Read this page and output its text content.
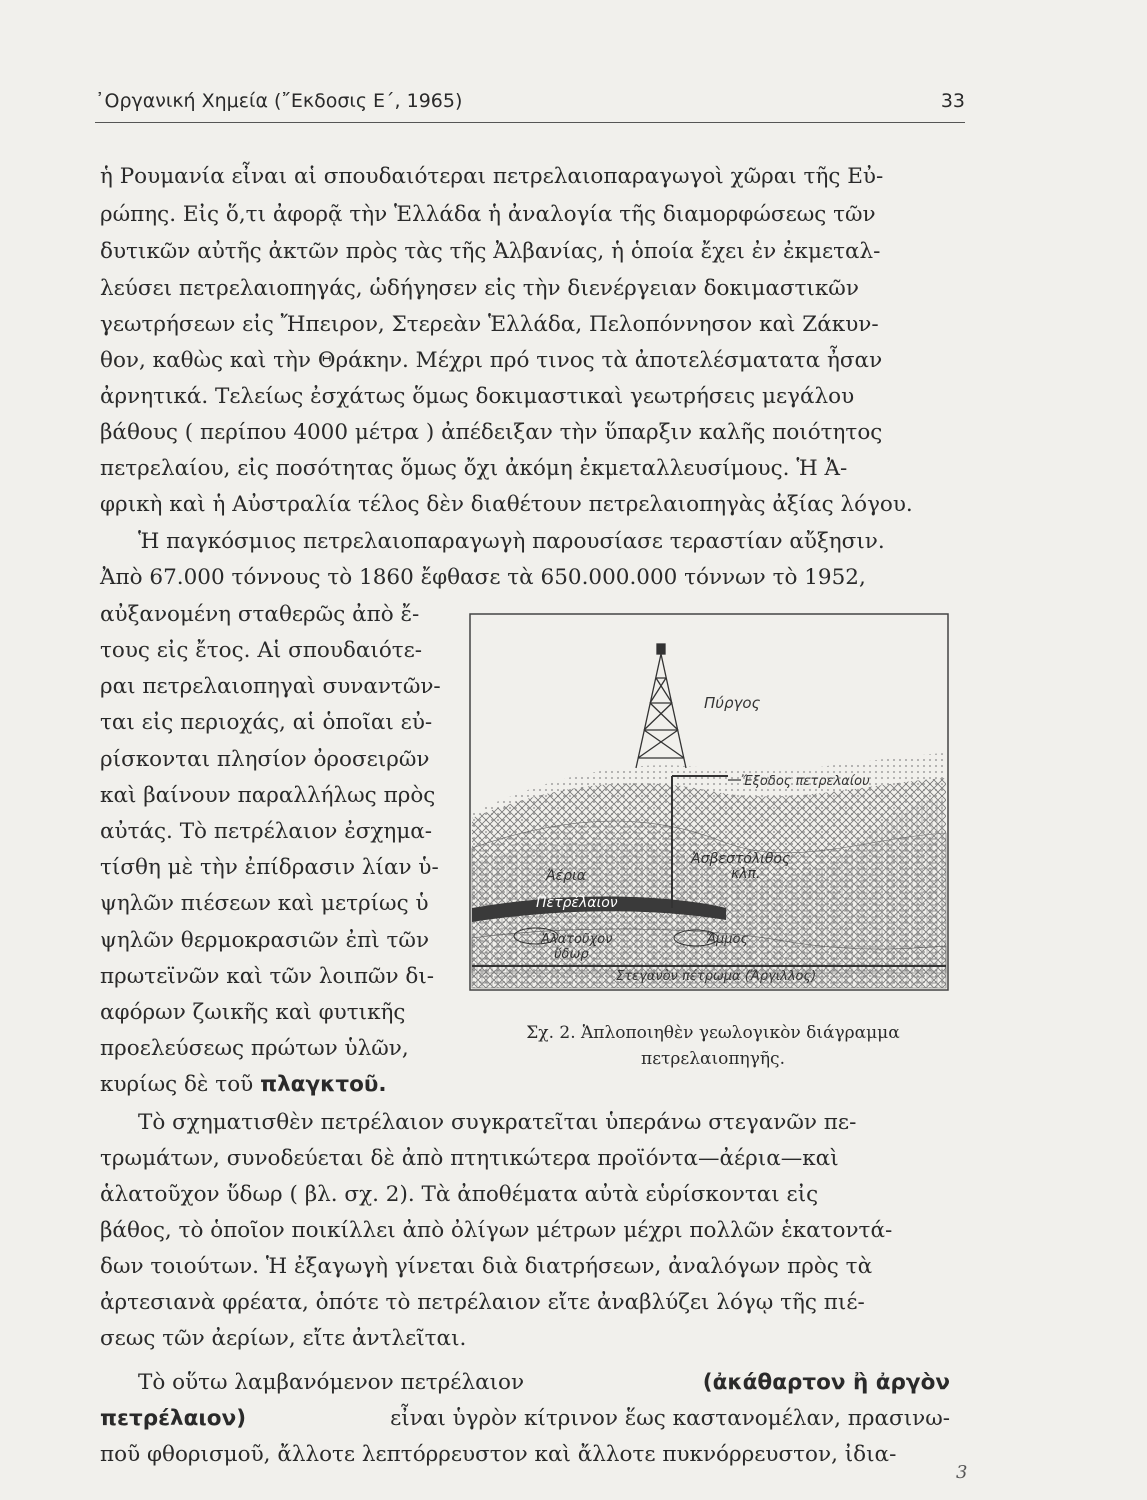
᾿Οργανική Χημεία (῎Εκδοσις Ε΄, 1965)	33
ἡ Ρουμανία εἶναι αἱ σπουδαιότεραι πετρελαιοπαραγωγοὶ χῶραι τῆς Εὐ-
ρώπης. Εἰς ὅ,τι ἀφορᾷ τὴν Ἑλλάδα ἡ ἀναλογία τῆς διαμορφώσεως τῶν
δυτικῶν αὐτῆς ἀκτῶν πρὸς τὰς τῆς Ἀλβανίας, ἡ ὁποία ἔχει ἐν ἐκμεταλ-
λεύσει πετρελαιοπηγάς, ὡδήγησεν εἰς τὴν διενέργειαν δοκιμαστικῶν
γεωτρήσεων εἰς Ἤπειρον, Στερεὰν Ἑλλάδα, Πελοπόννησον καὶ Ζάκυν-
θον, καθὼς καὶ τὴν Θράκην. Μέχρι πρό τινος τὰ ἀποτελέσματατα ἦσαν
ἀρνητικά. Τελείως ἐσχάτως ὅμως δοκιμαστικαὶ γεωτρήσεις μεγάλου
βάθους ( περίπου 4000 μέτρα ) ἀπέδειξαν τὴν ὕπαρξιν καλῆς ποιότητος
πετρελαίου, εἰς ποσότητας ὅμως ὄχι ἀκόμη ἐκμεταλλευσίμους. Ἡ Ἀ-
φρικὴ καὶ ἡ Αὐστραλία τέλος δὲν διαθέτουν πετρελαιοπηγὰς ἀξίας λόγου.
Ἡ παγκόσμιος πετρελαιοπαραγωγὴ παρουσίασε τεραστίαν αὔξησιν.
Ἀπὸ 67.000 τόννους τὸ 1860 ἔφθασε τὰ 650.000.000 τόννων τὸ 1952,
αὐξανομένη σταθερῶς ἀπὸ ἔ-
τους εἰς ἔτος. Αἱ σπουδαιότε-
ραι πετρελαιοπηγαὶ συναντῶν-
ται εἰς περιοχάς, αἱ ὁποῖαι εὐ-
ρίσκονται πλησίον ὀροσειρῶν
καὶ βαίνουν παραλλήλως πρὸς
αὐτάς. Τὸ πετρέλαιον ἐσχημα-
τίσθη μὲ τὴν ἐπίδρασιν λίαν ὑ-
ψηλῶν πιέσεων καὶ μετρίως ὑ
ψηλῶν θερμοκρασιῶν ἐπὶ τῶν
πρωτεϊνῶν καὶ τῶν λοιπῶν δι-
αφόρων ζωικῆς καὶ φυτικῆς
προελεύσεως πρώτων ὑλῶν,
κυρίως δὲ τοῦ
πλαγκτοῦ.
Πύργος
Ἔξοδος πετρελαίου
Ἀσβεστόλιθος
κλπ.
Ἀέρια
Πετρέλαιον
Ἁλατοῦχον
ὕδωρ
Ἄμμος
Στεγανὸν πέτρωμα (Ἄργιλλος)
Σχ. 2. Ἁπλοποιηθὲν γεωλογικὸν διάγραμμα
πετρελαιοπηγῆς.
Τὸ σχηματισθὲν πετρέλαιον συγκρατεῖται ὑπεράνω στεγανῶν πε-
τρωμάτων, συνοδεύεται δὲ ἀπὸ πτητικώτερα προϊόντα—ἀέρια—καὶ
ἁλατοῦχον ὕδωρ ( βλ. σχ. 2). Τὰ ἀποθέματα αὐτὰ εὑρίσκονται εἰς
βάθος, τὸ ὁποῖον ποικίλλει ἀπὸ ὀλίγων μέτρων μέχρι πολλῶν ἑκατοντά-
δων τοιούτων. Ἡ ἐξαγωγὴ γίνεται διὰ διατρήσεων, ἀναλόγων πρὸς τὰ
ἀρτεσιανὰ φρέατα, ὁπότε τὸ πετρέλαιον εἴτε ἀναβλύζει λόγῳ τῆς πιέ-
σεως τῶν ἀερίων, εἴτε ἀντλεῖται.
Τὸ οὕτω λαμβανόμενον πετρέλαιον	(ἀκάθαρτον ἢ ἀργὸν
πετρέλαιον)	εἶναι ὑγρὸν κίτρινον ἕως καστανομέλαν, πρασινω-
ποῦ φθορισμοῦ, ἄλλοτε λεπτόρρευστον καὶ ἄλλοτε πυκνόρρευστον, ἰδια-
3
